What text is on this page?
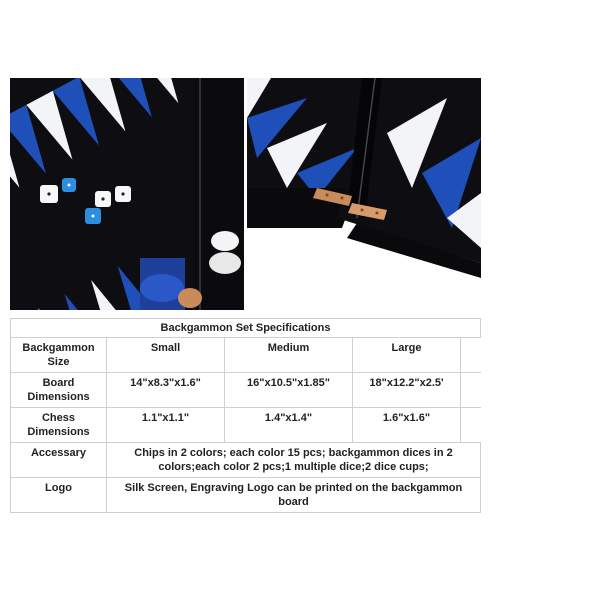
Backgammon Set Specifications
Backgammon Size	Small	Medium	Large	
Board Dimensions	14"x8.3"x1.6"	16"x10.5"x1.85"	18"x12.2"x2.5'	
Chess Dimensions	1.1"x1.1"	1.4"x1.4"	1.6"x1.6"	
Accessary	Chips in 2 colors; each color 15 pcs; backgammon dices in 2 colors;each color 2 pcs;1 multiple dice;2 dice cups;			
Logo	Silk Screen, Engraving Logo can be printed on the backgammon board			
